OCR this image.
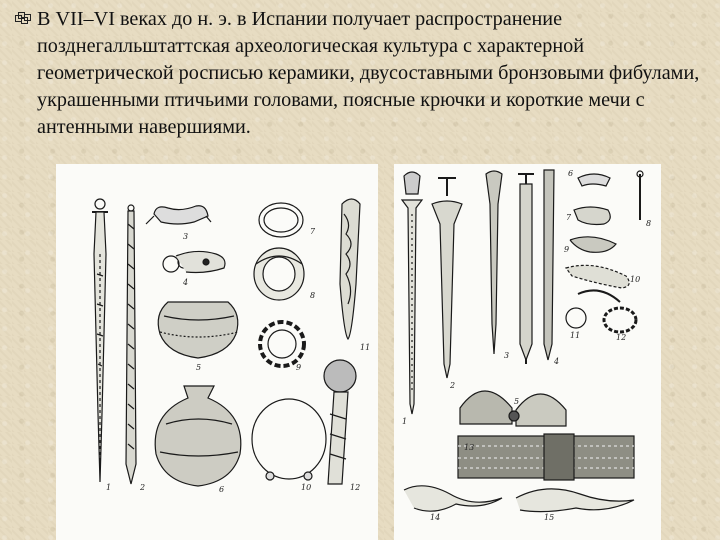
В VII–VI веках до н. э. в Испании получает распространение позднегалльштаттская археологическая культура с характерной геометрической росписью керамики, двусоставными бронзовыми фибулами, украшенными птичьими головами, поясные крючки и короткие мечи с антенными навершиями.
1	2
3
4
5
6
7
8
9
10
11
12
1
2
3
4
5
6
7
8
9
10
11	12
13
14	15
